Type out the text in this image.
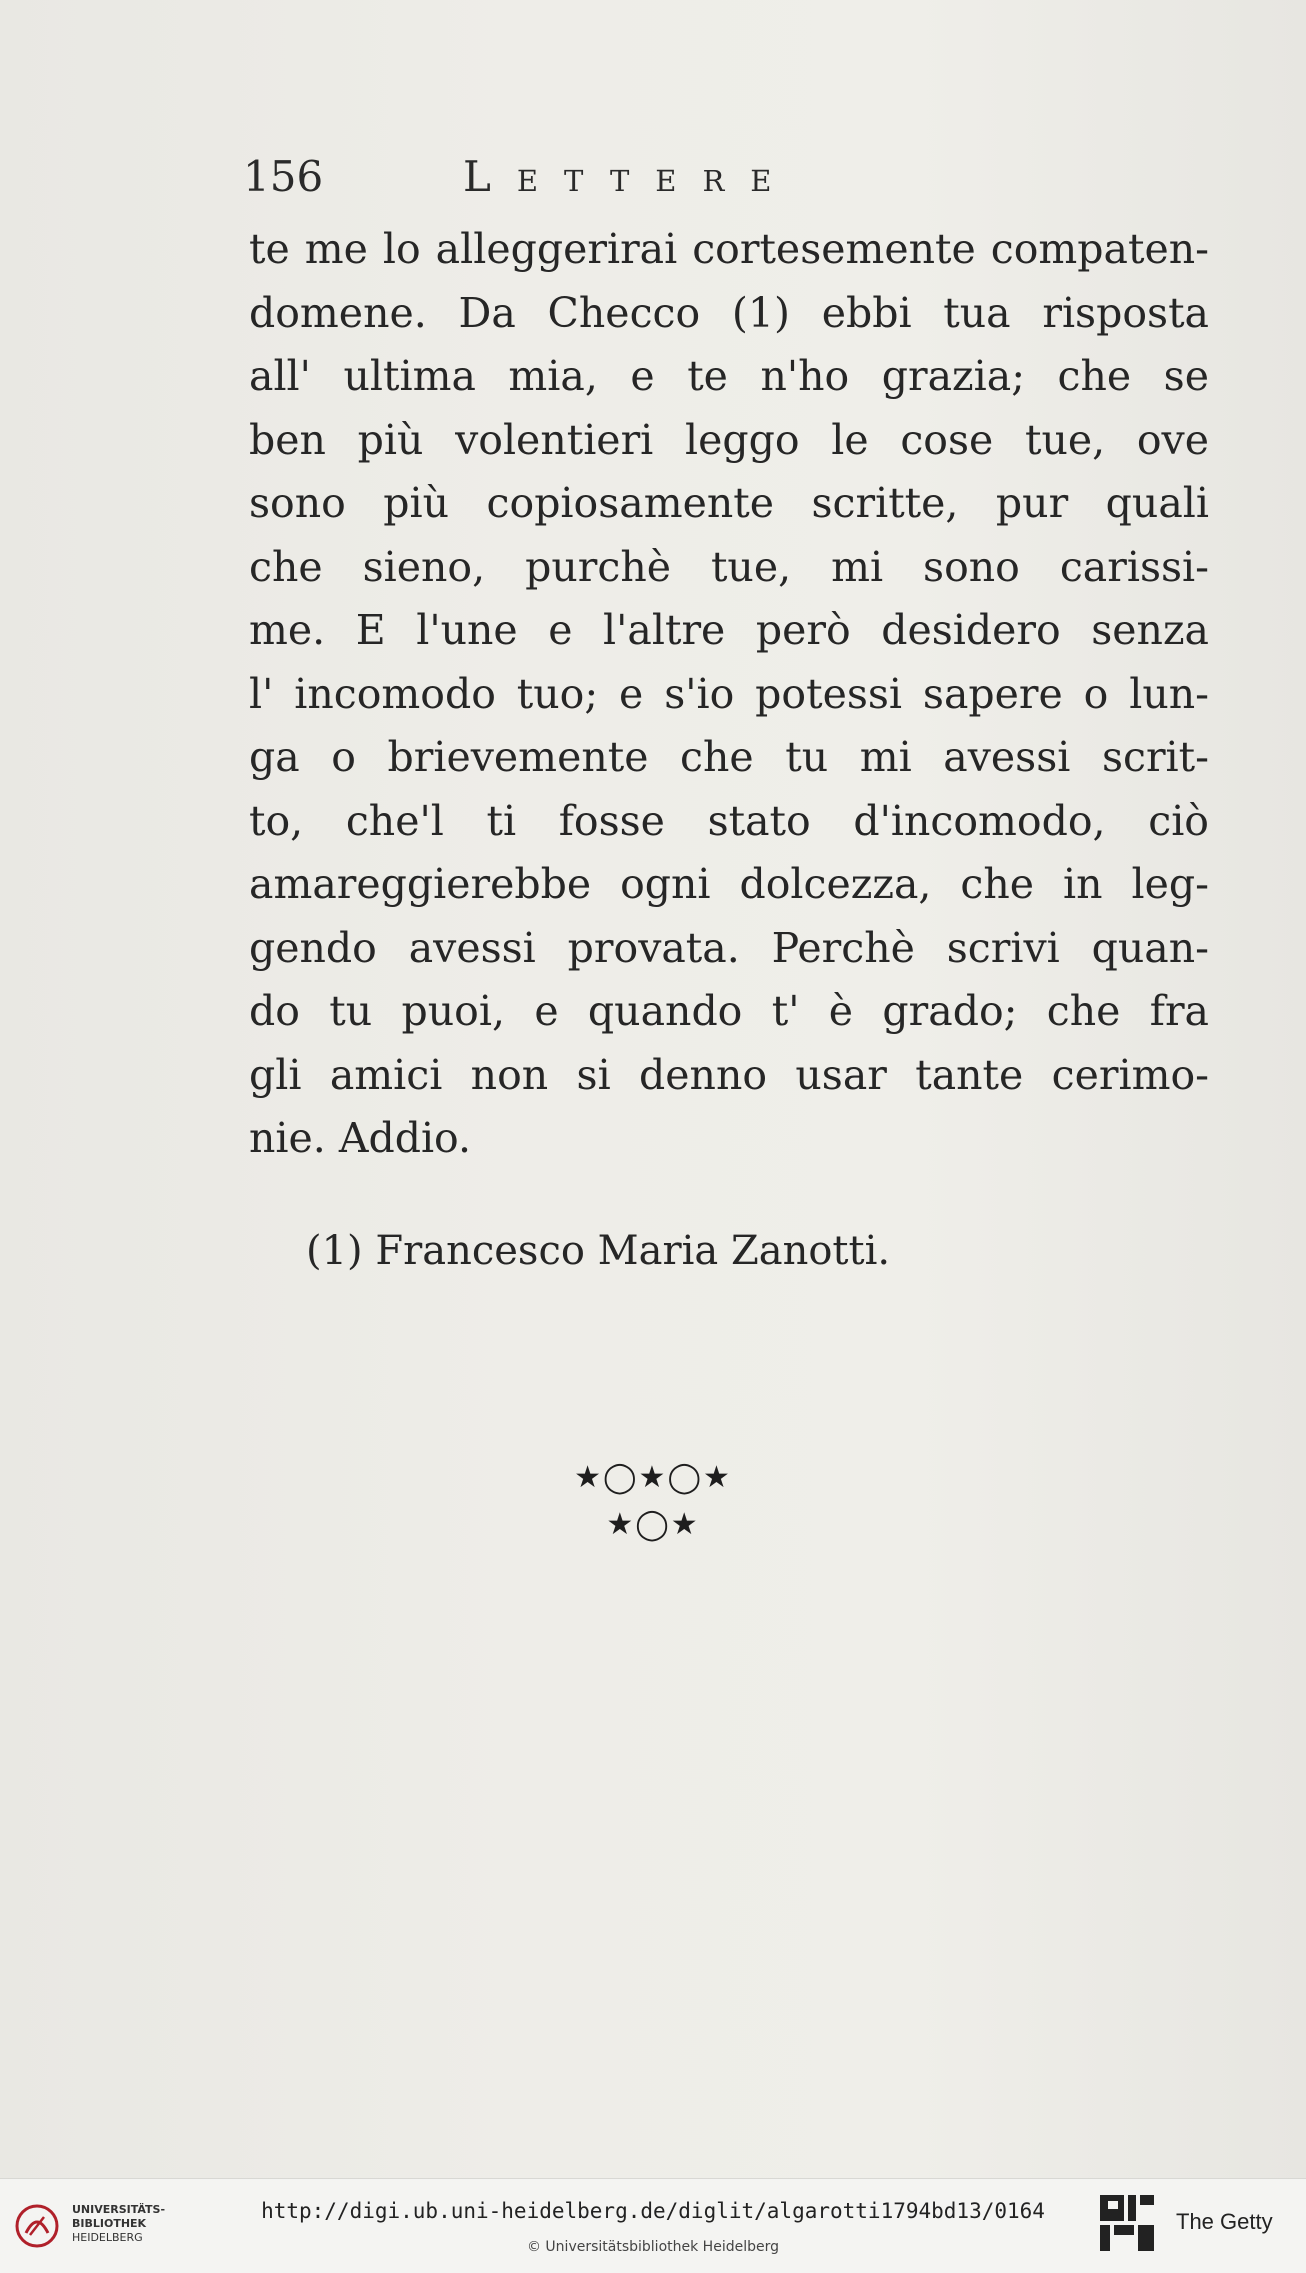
156	Lettere
te me lo alleggerirai cortesemente compaten-
domene. Da Checco (1) ebbi tua risposta
all' ultima mia, e te n'ho grazia; che se
ben più volentieri leggo le cose tue, ove
sono più copiosamente scritte, pur quali
che sieno, purchè tue, mi sono carissi-
me. E l'une e l'altre però desidero senza
l' incomodo tuo; e s'io potessi sapere o lun-
ga o brievemente che tu mi avessi scrit-
to, che'l ti fosse stato d'incomodo, ciò
amareggierebbe ogni dolcezza, che in leg-
gendo avessi provata. Perchè scrivi quan-
do tu puoi, e quando t' è grado; che fra
gli amici non si denno usar tante cerimo-
nie. Addio.
(1) Francesco Maria Zanotti.
★◯★◯★
★◯★
UNIVERSITÄTS-
BIBLIOTHEK
HEIDELBERG
http://digi.ub.uni-heidelberg.de/diglit/algarotti1794bd13/0164
© Universitätsbibliothek Heidelberg
The Getty
